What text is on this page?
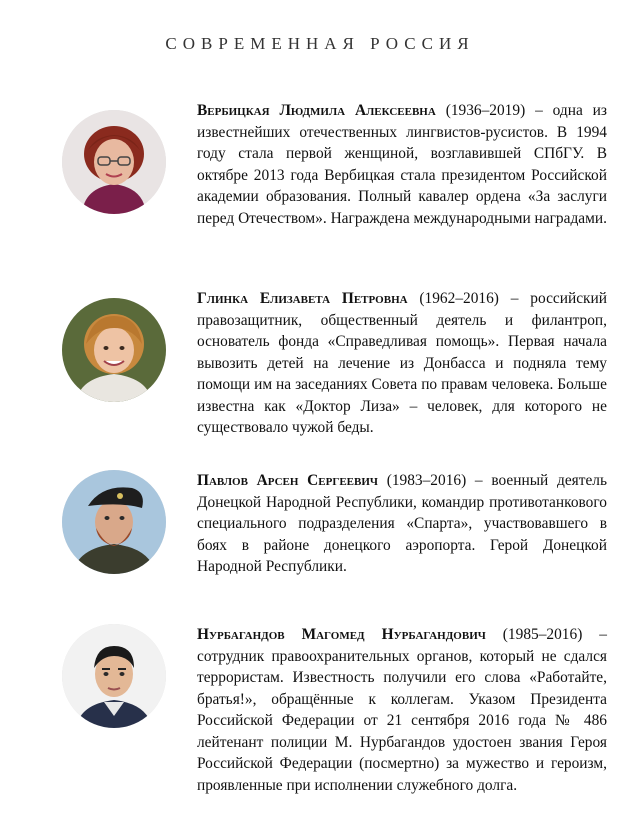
СОВРЕМЕННАЯ РОССИЯ
Вербицкая Людмила Алексеевна (1936–2019) – одна из известнейших отечественных лингвистов-русистов. В 1994 году стала первой женщиной, возглавившей СПбГУ. В октябре 2013 года Вербицкая стала президентом Российской академии образования. Полный кавалер ордена «За заслуги перед Отечеством». Награждена международными наградами.
Глинка Елизавета Петровна (1962–2016) – российский правозащитник, общественный деятель и филантроп, основатель фонда «Справедливая помощь». Первая начала вывозить детей на лечение из Донбасса и подняла тему помощи им на заседаниях Совета по правам человека. Больше известна как «Доктор Лиза» – человек, для которого не существовало чужой беды.
Павлов Арсен Сергеевич (1983–2016) – военный деятель Донецкой Народной Республики, командир противотанкового специального подразделения «Спарта», участвовавшего в боях в районе донецкого аэропорта. Герой Донецкой Народной Республики.
Нурбагандов Магомед Нурбагандович (1985–2016) – сотрудник правоохранительных органов, который не сдался террористам. Известность получили его слова «Работайте, братья!», обращённые к коллегам. Указом Президента Российской Федерации от 21 сентября 2016 года № 486 лейтенант полиции М. Нурбагандов удостоен звания Героя Российской Федерации (посмертно) за мужество и героизм, проявленные при исполнении служебного долга.
